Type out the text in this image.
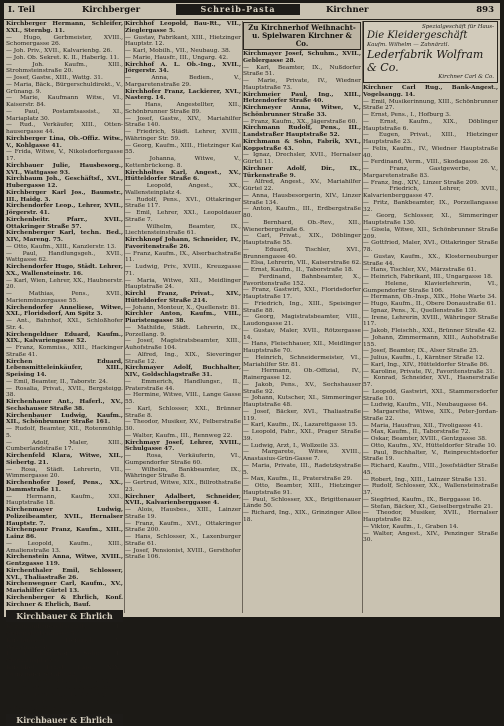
I. Teil	Kirchberger	Schreib-Pasta	Kirchner	893

Kirchberger Hermann, Schleifer, XXI., Sternbg. 11.

— Hugo, Gerbmeister, XVIII., Schomergasse 26.

— Joh. Priv., XVII., Kalvarienbg. 26.

— Joh. Ob. Sekret. K. II., Haberlg. 11.

— Joh. Kaufm., XIII., Strohmsteinstraße 20.

— Josef, Gastw., XIII., Wattg. 31.

— Maria, Bäck., Bürgerschuldirekt., V., Grünang. 9.

— Marie, Kaufmann Witw., VI., Kaiserstr. 84.

— Paul, Postamtsassist., XI., Mariaplatz 30.

— Rud., Verkäufer, XIII., Otten-hausergasse 44.

Kirchberger Lina, Ob.-Offiz. Witw., V., Kohlgasse 41.

— Frida, Witwe, V., Nikolsdorfergasse 17.

Kirchbauer Julie, Hausbesorg., XVI., Wattgasse 93.

Kirchbaum Joh., Geschäftsf., XVI., Hubergasse 12.

Kirchberger Karl Jos., Baumstr., III., Haidg. 3.

Kirchendorfer Leop., Lehrer, XVII., Jörgerstr. 41.

Kirchenbeitr. Pfarr., XVII., Ottakringer Straße 57.

Kirchenberger Karl, techn. Bed., XIV., Mareng. 75.

— Otto, Kaufm., XIII., Kanzlerstr. 13.

— Paul, Handlungsgeh., XVII., Wattgasse 62.

Kirchendorfer Hugo, Städt. Lehrer, XX., Wallensteinstr. 16.

— Karl, Wien, Lehrer, XX., Haubnerstr. 20.

— Mathias, Pens., XVII., Marienmünzergasse 55.

Kirchendorfer Anneliese, Witwe, XXI., Floridsdorf, Am Spitz 3.

— Ant., Bahnhof, XXI., Schloßhofer Str. 4.

Kirchengeldner Eduard, Kaufm., XIX., Kalvariengasse 52.

— Franz, Kommiss., XIII., Hackinger Straße 41.

Kirchen Eduard, Lebensmitteleinkäufer, XIII., Speising 14.

— Emil, Beamter, II., Taborstr. 24.

— Rosalia, Privat., XVII., Bergsteigg. 38.

Kirchenhauer Ant., Haferl., XV., Sechshauser Straße 38.

Kirchenbauer Ludwig, Kaufm., XII., Schönbrunner Straße 161.

— Rudolf, Beamter, XII., Rotenmühlg. 5.

— Adolf, Maler, XIII., Cumberlandstraße 17.

Kirchenfeld Klara, Witwe, XII., Siebertg. 21.

— Rosa, Städt. Lehrerin, VII., Wimmergasse 20.

Kirchenhofer Josef, Pens., XX., Dammstraße 11.

— Hermann, Kaufm., XXI., Hauptstraße 18.

Kirchenmayer Ludwig, Polizeibeamter, XVII., Hernalser Hauptstr. 7.

Kirchenpaur Franz, Kaufm., XIII., Lainz 86.

— Leopold, Kaufm., XIII., Amalienstraße 13.

Kirchenstein Anna, Witwe, XVIII., Gentzgasse 119.

Kirchenthaler Emil, Schlosser, XVI., Thaliastraße 26.

Kirchenwegner Carl, Kaufm., XV., Mariahilfer Gürtel 13.

Kirchenberger & Ehrlich, Konf. Kirchner & Ehrlich, Bauf.

Kirchbauer & Ehrlich

Kommanditgesellschaft, I., Seitenstettengasse 5.

Kirchgasser Heinrich, V., Wehrgasse 8.

E. F. Kirchhof's Söhne, I., Stephansplatz 6.

Kirchhof Ernst, Fabr., XIX., Grinzinger Straße 22.

— Franz, Kaufmann, XIII., Tannerg. 3.

— Josef, Maler, II., Schiffamtsgasse 19.

— Josef, Ingenieur, XIII., Stadlerg. 7.

— Johann, Magazineur, IX., Porzellangasse 24.

Kirchbauer & Ehrlich

Kirchhof Leopold, Bau-Rt., VII., Zieglergasse 5.

— Gustav, Fabrikant, XIII., Hietzinger Hauptstr. 12.

— Karl, Mobilh., VII., Neubaug. 38.

— Marie, Hausfr., III., Ungarg. 42.

Kirchhof A. L. Ob.-Ing., XVII., Jörgerstr. 34.

— Anna, Bedien., V., Margaretenstraße 29.

Kirchhofer Franz, Lackierer, XVI., Nasterg. 14.

— Hans, Angestellter, XII., Schönbrunner Straße 89.

— Josef, Gastw., XIV., Mariahilfer Straße 140.

— Friedrich, Städt. Lehrer, XVIII., Währinger Str. 59.

— Georg, Kaufm., XIII., Hietzinger Kai 55.

— Johanna, Witwe, V., Kettenbrückeng. 8.

Kirchholtes Karl, Angest., XV., Hütteldorfer Straße 6.

— Leopold, Angest., XX., Wallensteinplatz 4.

— Rudolf, Pens., XVI., Ottakringer Straße 117.

— Emil, Lehrer, XXI., Leopoldauer Straße 7.

— Wilhelm, Beamter, IX., Liechtensteinstraße 61.

Kirchknopf Johann, Schneider, IV., Favoritenstraße 26.

— Franz, Kaufm., IX., Alserbachstraße 11.

— Ludwig, Priv., XVIII., Kreuzgasse 71.

— Maria, Witwe, XII., Meidlinger Hauptstraße 24.

Kirchl Franz, Privat., XIV., Hütteldorfer Straße 214.

— Johann, Monteur, X., Quellenstr. 81.

Kirchler Anton, Kaufm., VIII., Piaristengasse 38.

— Mathilde, Städt. Lehrerin, IX., Porzellang. 9.

— Josef, Magistratsbeamter, XIII., Auhofstraße 104.

— Alfred, Ing., XIX., Sieveringer Straße 12.

Kirchmayer Adolf, Buchhalter, XIV., Goldschlagstraße 31.

— Emmerich, Handlungsr., II., Praterstraße 44.

— Hermine, Witwe, VIII., Lange Gasse 55.

— Karl, Schlosser, XXI., Brünner Straße 8.

— Theodor, Musiker, XV., Felberstraße 30.

— Walter, Kaufm., III., Rennweg 22.

Kirchmayr Josef, Lehrer, XVIII., Schulgasse 47.

— Rosa, Verkäuferin, VI., Gumpendorfer Straße 60.

— Wilhelm, Bankbeamter, IX., Währinger Straße 8.

— Gertrud, Witwe, XIX., Billrothstraße 23.

Kirchner Adalbert, Schneider, XVII., Kalvarienberggasse 4.

— Alois, Hausbes., XIII., Lainzer Straße 19.

— Franz, Kaufm., XVI., Ottakringer Straße 200.

— Hans, Schlosser, X., Laxenburger Straße 61.

— Josef, Pensionist, XVIII., Gersthofer Straße 106.

Zu Kirchnerhof Weihnacht- u. Spielwaren Kirchner & Co.

Kirchmayer Josef, Schuhm., XVII., Geblergasse 28.

— Karl, Beamter, IX., Nußdorfer Straße 51.

— Marie, Private, IV., Wiedner Hauptstraße 73.

Kirchmeier Paul, Ing., XIII., Hetzendorfer Straße 40.

Kirchmeyer Anna, Witwe, V., Schönbrunner Straße 33.

— Franz, Kaufm., XX., Jägerstraße 60.

Kirchmann Rudolf, Pens., III., Landstraßer Hauptstraße 52.

Kirchmann & Sohn, Fabrik, XVI., Koppstraße 43.

— Ignaz, Drechsler, XVII., Hernalser Gürtel 11.

Kirchner Adolf, Dir., IX., Türkenstraße 9.

— Alfred, Angest., XV., Mariahilfer Gürtel 22.

— Anna, Hausbesorgerin, XIV., Linzer Straße 134.

— Anton, Kaufm., III., Erdbergstraße 80.

— Bernhard, Ob.-Rev., XII., Wienerbergstraße 6.

— Carl, Privat., XIX., Döblinger Hauptstraße 55.

— Eduard, Tischler, XVI., Brunnengasse 40.

— Elsa, Lehrerin, VII., Kaiserstraße 62.

— Ernst, Kaufm., II., Taborstraße 18.

— Ferdinand, Bahnbeamter, X., Favoritenstraße 152.

— Franz, Gastwirt, XXI., Floridsdorfer Hauptstraße 17.

— Friedrich, Ing., XIII., Speisinger Straße 88.

— Georg, Magistratsbeamter, VIII., Laudongasse 21.

— Gustav, Maler, XVII., Rötzergasse 14.

— Hans, Fleischhauer, XII., Meidlinger Hauptstraße 70.

— Heinrich, Schneidermeister, VI., Mariahilfer Str. 81.

— Hermann, Ob.-Offizial, IV., Rainergasse 12.

— Jakob, Pens., XV., Sechshauser Straße 92.

— Johann, Kutscher, XI., Simmeringer Hauptstraße 48.

— Josef, Bäcker, XVI., Thaliastraße 119.

— Karl, Kaufm., IX., Lazarettgasse 15.

— Leopold, Fabr., XXI., Prager Straße 39.

— Ludwig, Arzt, I., Wollzeile 33.

— Margarete, Witwe, XVIII., Anastasius-Grün-Gasse 7.

— Maria, Private, III., Radetzkystraße 5.

— Max, Kaufm., II., Praterstraße 29.

— Otto, Beamter, XIII., Hietzinger Hauptstraße 91.

— Paul, Schlosser, XX., Brigittenauer Lände 50.

— Richard, Ing., XIX., Grinzinger Allee 18.

Spezialgeschäft für Haus-
Die Kleidergeschäft
Kaufm. Wilhelm — Zahnärztl.
Lederfabrik Wolfram & Co.
Kirchner Carl & Co.

Kirchner Carl Rug., Bank-Angest., Vogelsangg. 14.

— Emil, Musikerinnung, XIII., Schönbrunner Straße 27.

— Ernst, Pens., I., Hofburg 3.

— Ernst, Kaufm., XIX., Döblinger Hauptstraße 6.

— Eugen, Privat., XIII., Hietzinger Hauptstraße 23.

— Felix, Kaufm., IV., Wiedner Hauptstraße 40.

— Ferdinand, Verm., VIII., Skodagasse 26.

— Franz, Gastgewerbe, V., Margaretenstraße 83.

— Franz, Ing., XIV., Linzer Straße 209.

— Friedrich, Lehrer, XVII., Kalvarienberggasse 47.

— Fritz, Bankbeamter, IX., Porzellangasse 32.

— Georg, Schlosser, XI., Simmeringer Hauptstraße 130.

— Gisela, Witwe, XII., Schönbrunner Straße 209.

— Gottfried, Maler, XVI., Ottakringer Straße 78.

— Gustav, Kaufm., XX., Klosterneuburger Straße 44.

— Hans, Tischler, XV., Märzstraße 61.

— Heinrich, Fabrikant, III., Ungargasse 18.

— Helene, Klavierlehrerin, VI., Gumpendorfer Straße 106.

— Hermann, Ob.-Insp., XIX., Hohe Warte 34.

— Hugo, Kaufm., II., Obere Donaustraße 61.

— Ignaz, Pens., X., Quellenstraße 139.

— Irene, Lehrerin, XVIII., Währinger Straße 117.

— Jakob, Fleischh., XXI., Brünner Straße 42.

— Johann, Zimmermann, XIII., Auhofstraße 155.

— Josef, Beamter, IX., Alser Straße 25.

— Julius, Kaufm., I., Kärntner Straße 12.

— Karl, Ing., XIV., Hütteldorfer Straße 86.

— Karoline, Private, IV., Favoritenstraße 31.

— Konrad, Schneider, XVI., Hasnerstraße 57.

— Leopold, Gastwirt, XXI., Stammersdorfer Straße 10.

— Ludwig, Kaufm., VII., Neubaugasse 64.

— Margarethe, Witwe, XIX., Peter-Jordan-Straße 22.

— Maria, Hausfrau, XII., Tivoligasse 41.

— Max, Kaufm., II., Taborstraße 72.

— Oskar, Beamter, XVIII., Gentzgasse 38.

— Otto, Kaufm., XV., Hütteldorfer Straße 10.

— Paul, Buchhalter, V., Reinprechtsdorfer Straße 19.

— Richard, Kaufm., VIII., Josefstädter Straße 45.

— Robert, Ing., XIII., Lainzer Straße 131.

— Rudolf, Schlosser, XX., Wallensteinstraße 37.

— Siegfried, Kaufm., IX., Berggasse 16.

— Stefan, Bäcker, XI., Geiselbergstraße 21.

— Theodor, Musiker, XVII., Hernalser Hauptstraße 82.

— Viktor, Kaufm., I., Graben 14.

— Walter, Angest., XIV., Penzinger Straße 30.
